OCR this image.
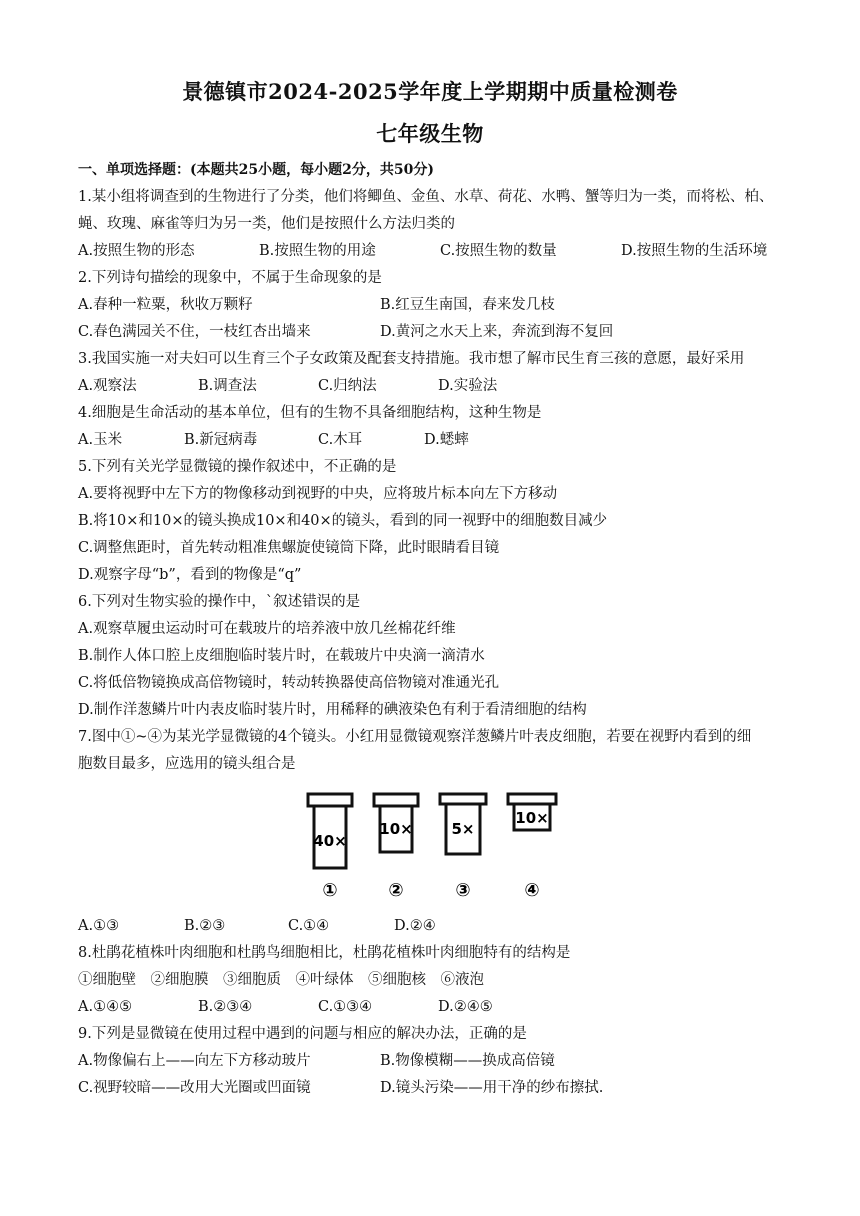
景德镇市2024-2025学年度上学期期中质量检测卷
七年级生物
一、单项选择题：(本题共25小题，每小题2分，共50分)
1.某小组将调查到的生物进行了分类，他们将鲫鱼、金鱼、水草、荷花、水鸭、蟹等归为一类，而将松、柏、
蝇、玫瑰、麻雀等归为另一类，他们是按照什么方法归类的
A.按照生物的形态	B.按照生物的用途	C.按照生物的数量	D.按照生物的生活环境
2.下列诗句描绘的现象中，不属于生命现象的是
A.春种一粒粟，秋收万颗籽	B.红豆生南国，春来发几枝
C.春色满园关不住，一枝红杏出墙来	D.黄河之水天上来，奔流到海不复回
3.我国实施一对夫妇可以生育三个子女政策及配套支持措施。我市想了解市民生育三孩的意愿，最好采用
A.观察法	B.调查法	C.归纳法	D.实验法
4.细胞是生命活动的基本单位，但有的生物不具备细胞结构，这种生物是
A.玉米	B.新冠病毒	C.木耳	D.蟋蟀
5.下列有关光学显微镜的操作叙述中，不正确的是
A.要将视野中左下方的物像移动到视野的中央，应将玻片标本向左下方移动
B.将10×和10×的镜头换成10×和40×的镜头，看到的同一视野中的细胞数目减少
C.调整焦距时，首先转动粗准焦螺旋使镜筒下降，此时眼睛看目镜
D.观察字母“b”，看到的物像是“q”
6.下列对生物实验的操作中，`叙述错误的是
A.观察草履虫运动时可在载玻片的培养液中放几丝棉花纤维
B.制作人体口腔上皮细胞临时装片时，在载玻片中央滴一滴清水
C.将低倍物镜换成高倍物镜时，转动转换器使高倍物镜对准通光孔
D.制作洋葱鳞片叶内表皮临时装片时，用稀释的碘液染色有利于看清细胞的结构
7.图中①~④为某光学显微镜的4个镜头。小红用显微镜观察洋葱鳞片叶表皮细胞，若要在视野内看到的细
胞数目最多，应选用的镜头组合是
40×
①
10×
②
5×
③
10×
④
A.①③	B.②③	C.①④	D.②④
8.杜鹃花植株叶肉细胞和杜鹃鸟细胞相比，杜鹃花植株叶肉细胞特有的结构是
①细胞壁　②细胞膜　③细胞质　④叶绿体　⑤细胞核　⑥液泡
A.①④⑤	B.②③④	C.①③④	D.②④⑤
9.下列是显微镜在使用过程中遇到的问题与相应的解决办法，正确的是
A.物像偏右上——向左下方移动玻片	B.物像模糊——换成高倍镜
C.视野较暗——改用大光圈或凹面镜	D.镜头污染——用干净的纱布擦拭.
